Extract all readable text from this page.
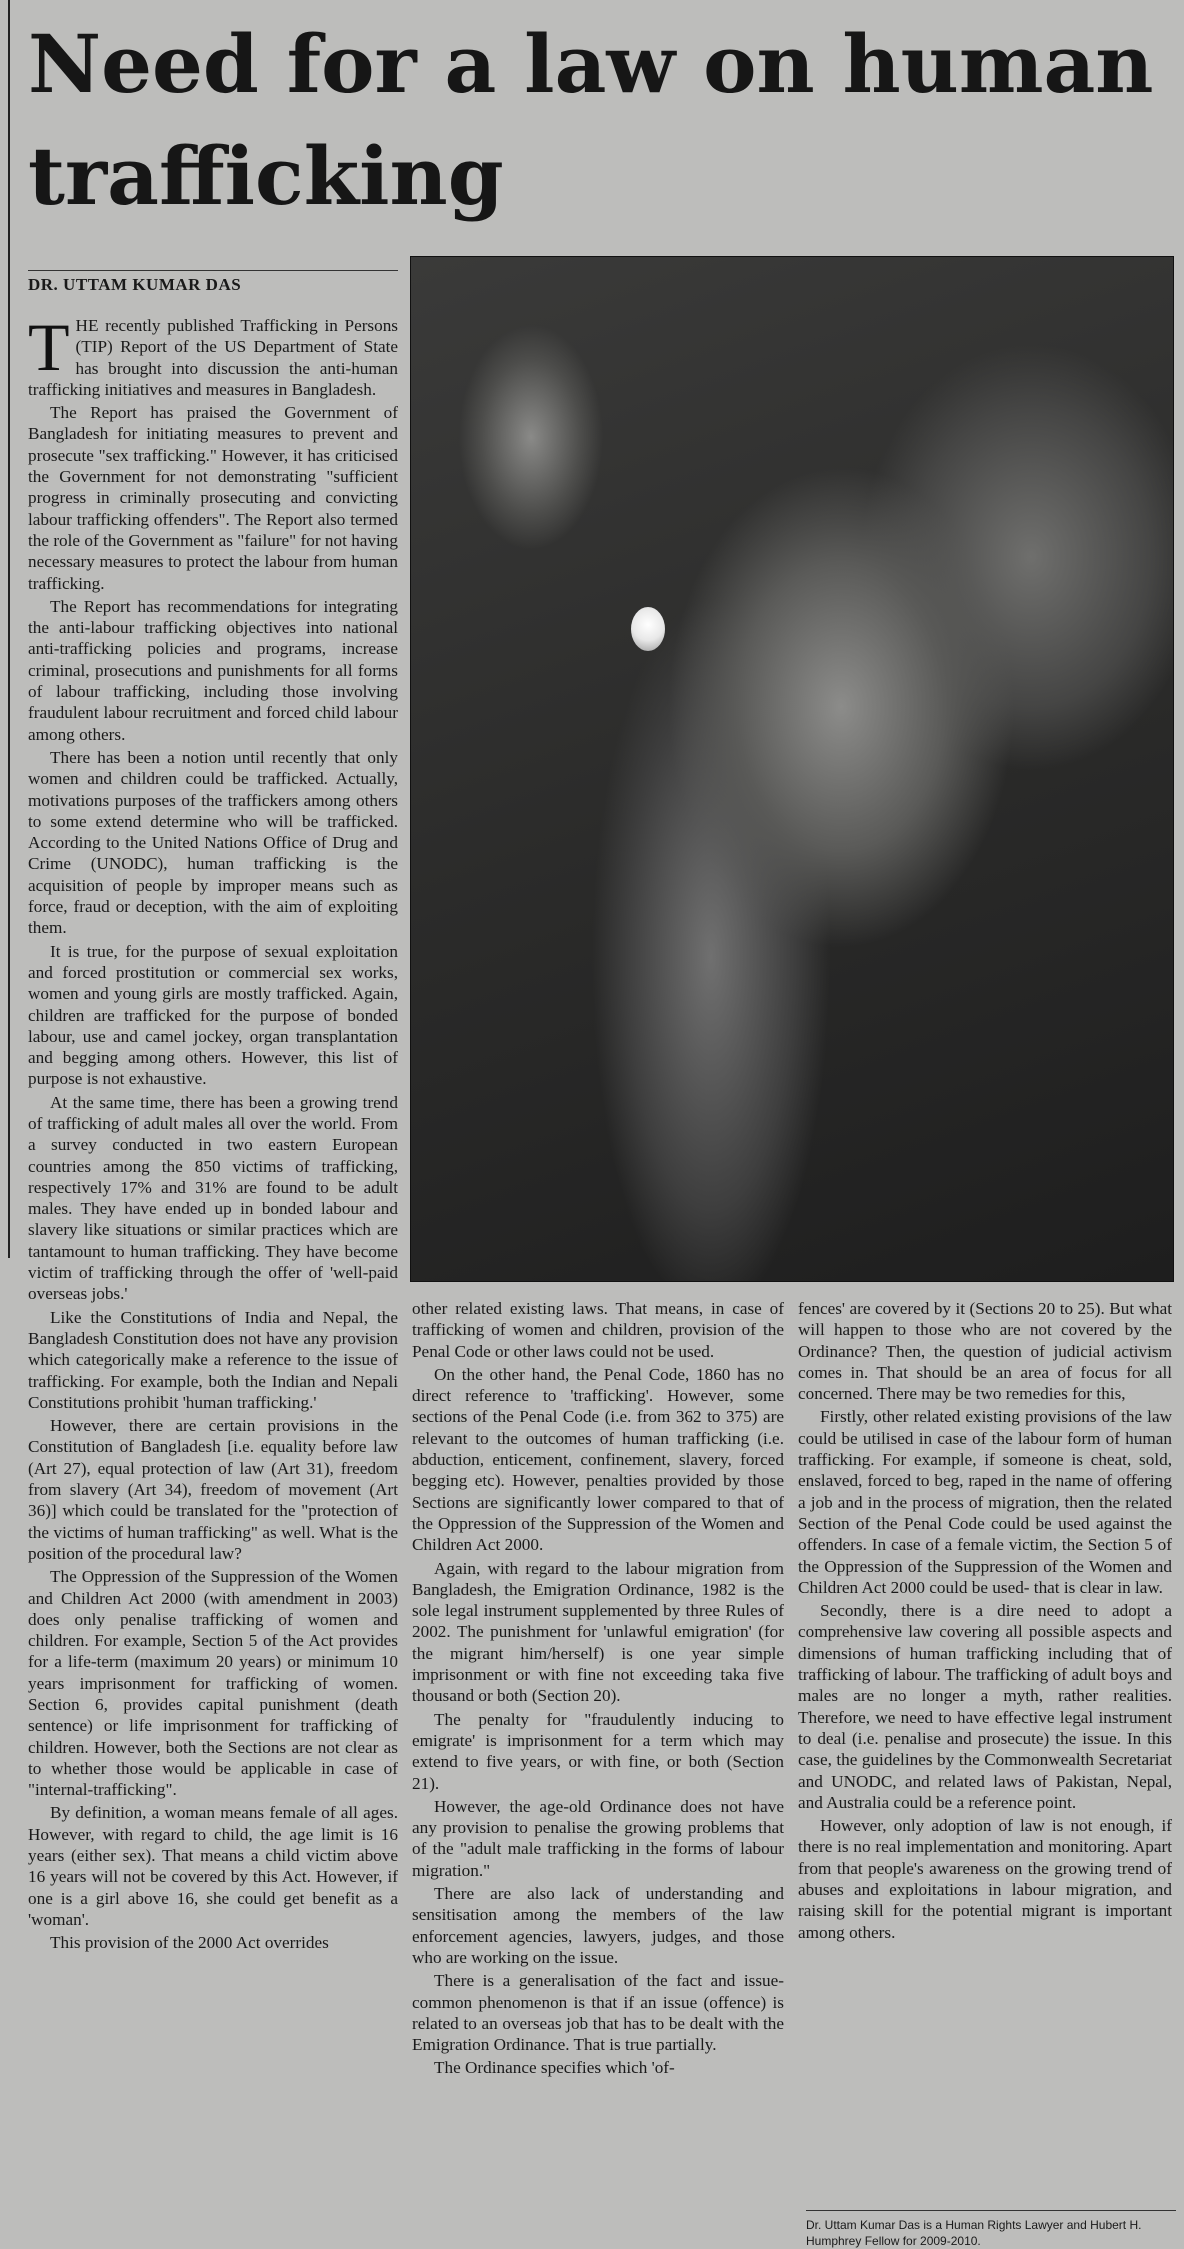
Need for a law on human trafficking
DR. UTTAM KUMAR DAS

THE recently published Trafficking in Persons (TIP) Report of the US Department of State has brought into discussion the anti-human trafficking initiatives and measures in Bangladesh.

The Report has praised the Government of Bangladesh for initiating measures to prevent and prosecute "sex trafficking." However, it has criticised the Government for not demonstrating "sufficient progress in criminally prosecuting and convicting labour trafficking offenders". The Report also termed the role of the Government as "failure" for not having necessary measures to protect the labour from human trafficking.

The Report has recommendations for integrating the anti-labour trafficking objectives into national anti-trafficking policies and programs, increase criminal, prosecutions and punishments for all forms of labour trafficking, including those involving fraudulent labour recruitment and forced child labour among others.

There has been a notion until recently that only women and children could be trafficked. Actually, motivations purposes of the traffickers among others to some extend determine who will be trafficked. According to the United Nations Office of Drug and Crime (UNODC), human trafficking is the acquisition of people by improper means such as force, fraud or deception, with the aim of exploiting them.

It is true, for the purpose of sexual exploitation and forced prostitution or commercial sex works, women and young girls are mostly trafficked. Again, children are trafficked for the purpose of bonded labour, use and camel jockey, organ transplantation and begging among others. However, this list of purpose is not exhaustive.

At the same time, there has been a growing trend of trafficking of adult males all over the world. From a survey conducted in two eastern European countries among the 850 victims of trafficking, respectively 17% and 31% are found to be adult males. They have ended up in bonded labour and slavery like situations or similar practices which are tantamount to human trafficking. They have become victim of trafficking through the offer of 'well-paid overseas jobs.'

Like the Constitutions of India and Nepal, the Bangladesh Constitution does not have any provision which categorically make a reference to the issue of trafficking. For example, both the Indian and Nepali Constitutions prohibit 'human trafficking.'

However, there are certain provisions in the Constitution of Bangladesh [i.e. equality before law (Art 27), equal protection of law (Art 31), freedom from slavery (Art 34), freedom of movement (Art 36)] which could be translated for the "protection of the victims of human trafficking" as well. What is the position of the procedural law?

The Oppression of the Suppression of the Women and Children Act 2000 (with amendment in 2003) does only penalise trafficking of women and children. For example, Section 5 of the Act provides for a life-term (maximum 20 years) or minimum 10 years imprisonment for trafficking of women. Section 6, provides capital punishment (death sentence) or life imprisonment for trafficking of children. However, both the Sections are not clear as to whether those would be applicable in case of "internal-trafficking".

By definition, a woman means female of all ages. However, with regard to child, the age limit is 16 years (either sex). That means a child victim above 16 years will not be covered by this Act. However, if one is a girl above 16, she could get benefit as a 'woman'.

This provision of the 2000 Act overrides

other related existing laws. That means, in case of trafficking of women and children, provision of the Penal Code or other laws could not be used.

On the other hand, the Penal Code, 1860 has no direct reference to 'trafficking'. However, some sections of the Penal Code (i.e. from 362 to 375) are relevant to the outcomes of human trafficking (i.e. abduction, enticement, confinement, slavery, forced begging etc). However, penalties provided by those Sections are significantly lower compared to that of the Oppression of the Suppression of the Women and Children Act 2000.

Again, with regard to the labour migration from Bangladesh, the Emigration Ordinance, 1982 is the sole legal instrument supplemented by three Rules of 2002. The punishment for 'unlawful emigration' (for the migrant him/herself) is one year simple imprisonment or with fine not exceeding taka five thousand or both (Section 20).

The penalty for "fraudulently inducing to emigrate' is imprisonment for a term which may extend to five years, or with fine, or both (Section 21).

However, the age-old Ordinance does not have any provision to penalise the growing problems that of the "adult male trafficking in the forms of labour migration."

There are also lack of understanding and sensitisation among the members of the law enforcement agencies, lawyers, judges, and those who are working on the issue.

There is a generalisation of the fact and issue- common phenomenon is that if an issue (offence) is related to an overseas job that has to be dealt with the Emigration Ordinance. That is true partially.

The Ordinance specifies which 'of-

fences' are covered by it (Sections 20 to 25). But what will happen to those who are not covered by the Ordinance? Then, the question of judicial activism comes in. That should be an area of focus for all concerned. There may be two remedies for this,

Firstly, other related existing provisions of the law could be utilised in case of the labour form of human trafficking. For example, if someone is cheat, sold, enslaved, forced to beg, raped in the name of offering a job and in the process of migration, then the related Section of the Penal Code could be used against the offenders. In case of a female victim, the Section 5 of the Oppression of the Suppression of the Women and Children Act 2000 could be used- that is clear in law.

Secondly, there is a dire need to adopt a comprehensive law covering all possible aspects and dimensions of human trafficking including that of trafficking of labour. The trafficking of adult boys and males are no longer a myth, rather realities. Therefore, we need to have effective legal instrument to deal (i.e. penalise and prosecute) the issue. In this case, the guidelines by the Commonwealth Secretariat and UNODC, and related laws of Pakistan, Nepal, and Australia could be a reference point.

However, only adoption of law is not enough, if there is no real implementation and monitoring. Apart from that people's awareness on the growing trend of abuses and exploitations in labour migration, and raising skill for the potential migrant is important among others.

Dr. Uttam Kumar Das is a Human Rights Lawyer and Hubert H. Humphrey Fellow for 2009-2010.
